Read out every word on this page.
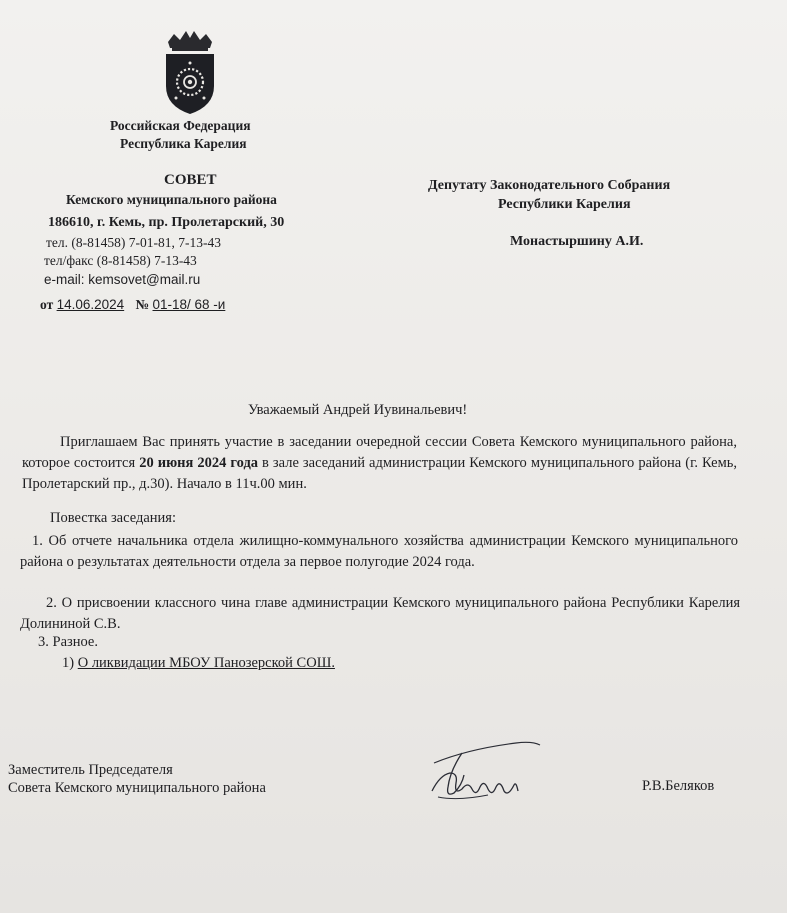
Российская Федерация
Республика Карелия
СОВЕТ
Кемского муниципального района
186610, г. Кемь, пр. Пролетарский, 30
тел. (8-81458) 7-01-81, 7-13-43
тел/факс (8-81458) 7-13-43
e-mail: kemsovet@mail.ru
от 14.06.2024 № 01-18/ 68 -и
Депутату Законодательного Собрания
Республики Карелия
Монастыршину А.И.
Уважаемый Андрей Иувинальевич!
Приглашаем Вас принять участие в заседании очередной сессии Совета Кемского муниципального района, которое состоится 20 июня 2024 года в зале заседаний администрации Кемского муниципального района (г. Кемь, Пролетарский пр., д.30). Начало в 11ч.00 мин.
Повестка заседания:
1. Об отчете начальника отдела жилищно-коммунального хозяйства администрации Кемского муниципального района о результатах деятельности отдела за первое полугодие 2024 года.
2. О присвоении классного чина главе администрации Кемского муниципального района Республики Карелия Долининой С.В.
3. Разное.
1) О ликвидации МБОУ Панозерской СОШ.
Заместитель Председателя
Совета Кемского муниципального района	Р.В.Беляков
